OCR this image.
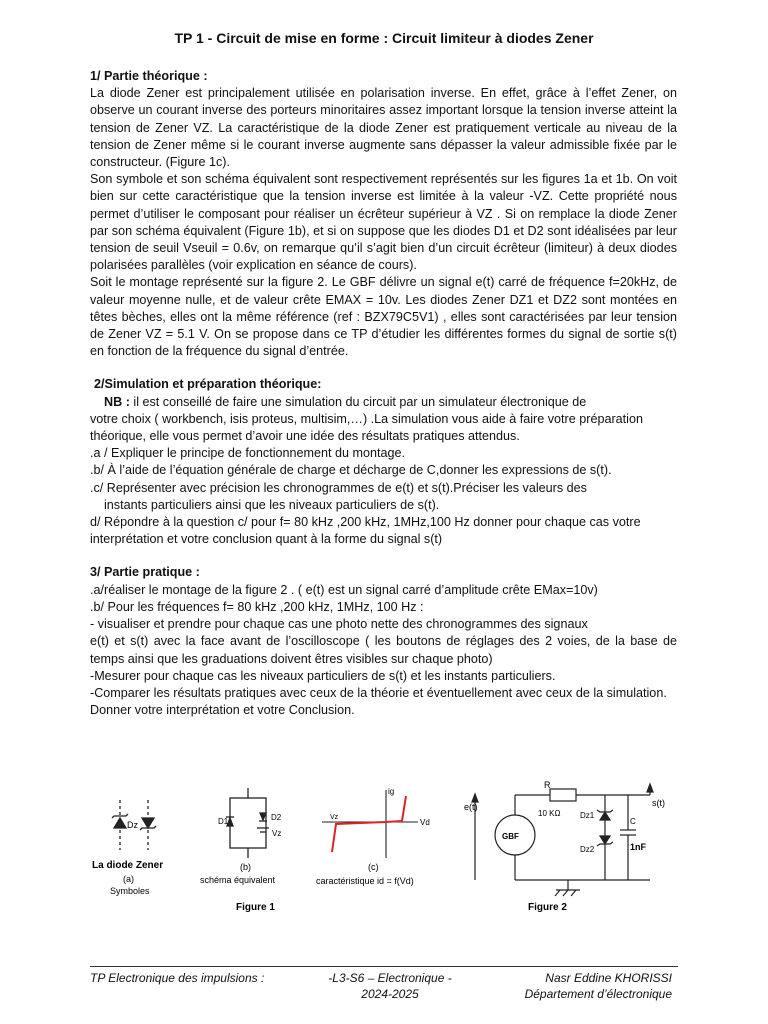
TP 1 - Circuit de mise en forme : Circuit limiteur à diodes Zener

1/ Partie théorique :

La diode Zener est principalement utilisée en polarisation inverse. En effet, grâce à l’effet Zener, on observe un courant inverse des porteurs minoritaires assez important lorsque la tension inverse atteint la tension de Zener VZ. La caractéristique de la diode Zener est pratiquement verticale au niveau de la tension de Zener même si le courant inverse augmente sans dépasser la valeur admissible fixée par le constructeur. (Figure 1c).

Son symbole et son schéma équivalent sont respectivement représentés sur les figures 1a et 1b. On voit bien sur cette caractéristique que la tension inverse est limitée à la valeur -VZ. Cette propriété nous permet d’utiliser le composant pour réaliser un écrêteur supérieur à VZ . Si on remplace la diode Zener par son schéma équivalent (Figure 1b), et si on suppose que les diodes D1 et D2 sont idéalisées par leur tension de seuil Vseuil = 0.6v, on remarque qu’il s’agit bien d’un circuit écrêteur (limiteur) à deux diodes polarisées parallèles (voir explication en séance de cours).

Soit le montage représenté sur la figure 2. Le GBF délivre un signal e(t) carré de fréquence f=20kHz, de valeur moyenne nulle, et de valeur crête EMAX = 10v. Les diodes Zener DZ1 et DZ2 sont montées en têtes bèches, elles ont la même référence (ref : BZX79C5V1) , elles sont caractérisées par leur tension de Zener VZ = 5.1 V. On se propose dans ce TP d’étudier les différentes formes du signal de sortie s(t) en fonction de la fréquence du signal d’entrée.

2/Simulation et préparation théorique:

NB : il est conseillé de faire une simulation du circuit par un simulateur électronique de

votre choix ( workbench, isis proteus, multisim,…) .La simulation vous aide à faire votre préparation théorique, elle vous permet d’avoir une idée des résultats pratiques attendus.

.a / Expliquer le principe de fonctionnement du montage.

.b/ À l’aide de l’équation générale de charge et décharge de C,donner les expressions de s(t).

.c/ Représenter avec précision les chronogrammes de e(t) et s(t).Préciser les valeurs des

instants particuliers ainsi que les niveaux particuliers de s(t).

d/ Répondre à la question c/ pour f= 80 kHz ,200 kHz, 1MHz,100 Hz donner pour chaque cas votre interprétation et votre conclusion quant à la forme du signal s(t)

3/ Partie pratique :

.a/réaliser le montage de la figure 2 . ( e(t) est un signal carré d’amplitude crête EMax=10v)

.b/ Pour les fréquences f= 80 kHz ,200 kHz, 1MHz, 100 Hz :

- visualiser et prendre pour chaque cas une photo nette des chronogrammes des signaux

e(t) et s(t) avec la face avant de l’oscilloscope ( les boutons de réglages des 2 voies, de la base de temps ainsi que les graduations doivent êtres visibles sur chaque photo)

-Mesurer pour chaque cas les niveaux particuliers de s(t) et les instants particuliers.

-Comparer les résultats pratiques avec ceux de la théorie et éventuellement avec ceux de la simulation. Donner votre interprétation et votre Conclusion.

Dz
La diode Zener
(a)
Symboles
D1	D2
Vz
(b)
schéma équivalent
ig
Vd
Vz
(c)
caractéristique id = f(Vd)
Figure 1
e(t)	s(t)
R
10 KΩ
GBF
Dz1
Dz2
C
1nF
Figure 2
TP Electronique des impulsions :	-L3-S6 – Electronique -
2024-2025
Nasr Eddine KHORISSI
Département d’électronique
